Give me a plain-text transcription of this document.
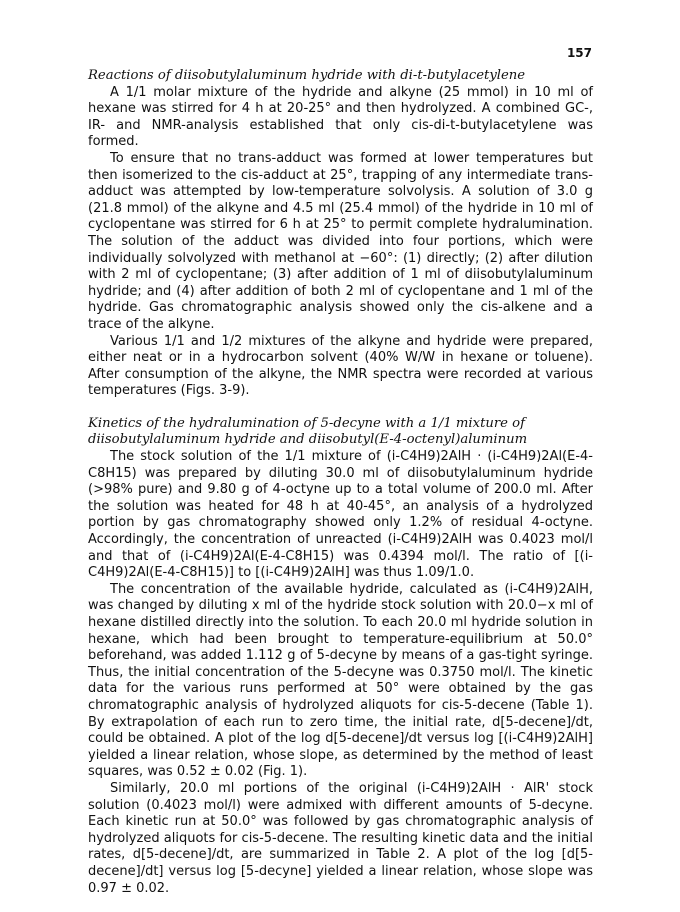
157
Reactions of diisobutylaluminum hydride with di-t-butylacetylene

A 1/1 molar mixture of the hydride and alkyne (25 mmol) in 10 ml of hexane was stirred for 4 h at 20-25° and then hydrolyzed. A combined GC-, IR- and NMR-analysis established that only cis-di-t-butylacetylene was formed.

To ensure that no trans-adduct was formed at lower temperatures but then isomerized to the cis-adduct at 25°, trapping of any intermediate trans-adduct was attempted by low-temperature solvolysis. A solution of 3.0 g (21.8 mmol) of the alkyne and 4.5 ml (25.4 mmol) of the hydride in 10 ml of cyclopentane was stirred for 6 h at 25° to permit complete hydralumination. The solution of the adduct was divided into four portions, which were individually solvolyzed with methanol at −60°: (1) directly; (2) after dilution with 2 ml of cyclopentane; (3) after addition of 1 ml of diisobutylaluminum hydride; and (4) after addition of both 2 ml of cyclopentane and 1 ml of the hydride. Gas chromatographic analysis showed only the cis-alkene and a trace of the alkyne.

Various 1/1 and 1/2 mixtures of the alkyne and hydride were prepared, either neat or in a hydrocarbon solvent (40% W/W in hexane or toluene). After consumption of the alkyne, the NMR spectra were recorded at various temperatures (Figs. 3-9).

Kinetics of the hydralumination of 5-decyne with a 1/1 mixture of diisobutylaluminum hydride and diisobutyl(E-4-octenyl)aluminum

The stock solution of the 1/1 mixture of (i-C4H9)2AlH · (i-C4H9)2Al(E-4-C8H15) was prepared by diluting 30.0 ml of diisobutylaluminum hydride (>98% pure) and 9.80 g of 4-octyne up to a total volume of 200.0 ml. After the solution was heated for 48 h at 40-45°, an analysis of a hydrolyzed portion by gas chromatography showed only 1.2% of residual 4-octyne. Accordingly, the concentration of unreacted (i-C4H9)2AlH was 0.4023 mol/l and that of (i-C4H9)2Al(E-4-C8H15) was 0.4394 mol/l. The ratio of [(i-C4H9)2Al(E-4-C8H15)] to [(i-C4H9)2AlH] was thus 1.09/1.0.

The concentration of the available hydride, calculated as (i-C4H9)2AlH, was changed by diluting x ml of the hydride stock solution with 20.0−x ml of hexane distilled directly into the solution. To each 20.0 ml hydride solution in hexane, which had been brought to temperature-equilibrium at 50.0° beforehand, was added 1.112 g of 5-decyne by means of a gas-tight syringe. Thus, the initial concentration of the 5-decyne was 0.3750 mol/l. The kinetic data for the various runs performed at 50° were obtained by the gas chromatographic analysis of hydrolyzed aliquots for cis-5-decene (Table 1). By extrapolation of each run to zero time, the initial rate, d[5-decene]/dt, could be obtained. A plot of the log d[5-decene]/dt versus log [(i-C4H9)2AlH] yielded a linear relation, whose slope, as determined by the method of least squares, was 0.52 ± 0.02 (Fig. 1).

Similarly, 20.0 ml portions of the original (i-C4H9)2AlH · AlR' stock solution (0.4023 mol/l) were admixed with different amounts of 5-decyne. Each kinetic run at 50.0° was followed by gas chromatographic analysis of hydrolyzed aliquots for cis-5-decene. The resulting kinetic data and the initial rates, d[5-decene]/dt, are summarized in Table 2. A plot of the log [d[5-decene]/dt] versus log [5-decyne] yielded a linear relation, whose slope was 0.97 ± 0.02.
